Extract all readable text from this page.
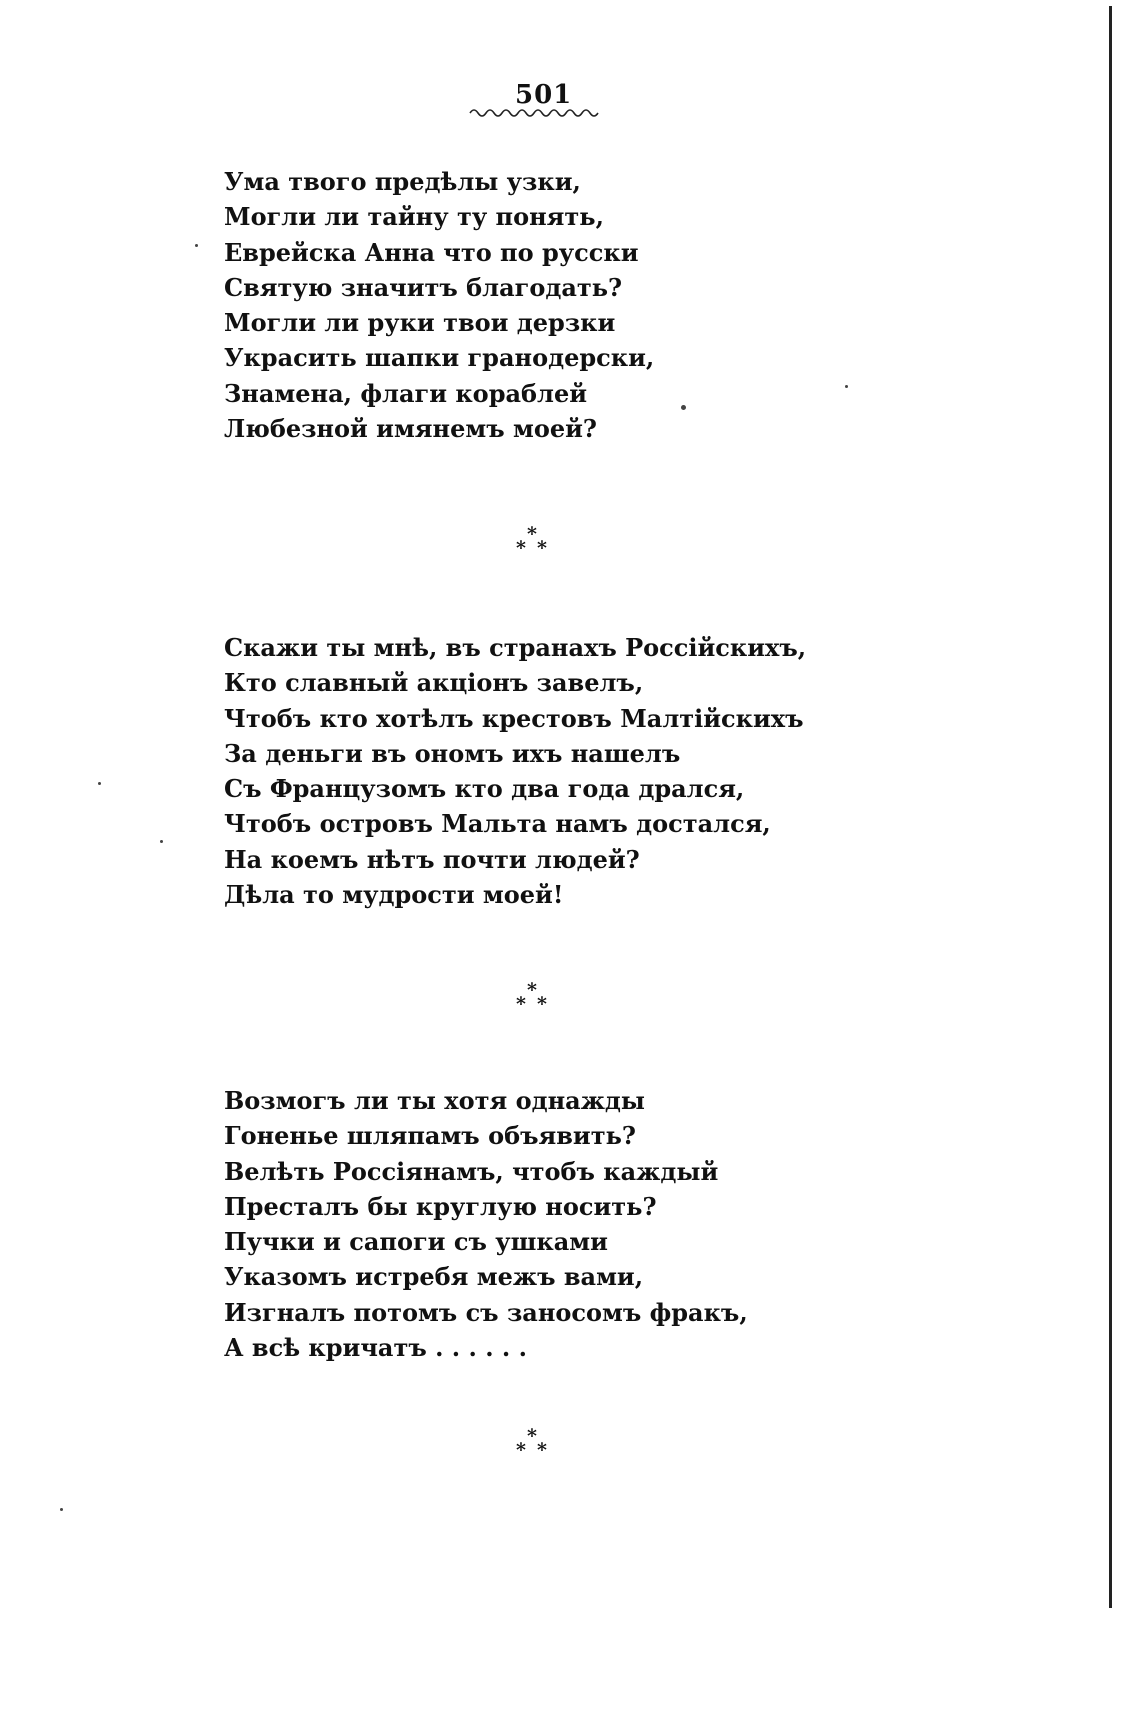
501
Ума твого предѣлы узки,
Могли ли тайну ту понять,
Еврейска Анна что по русски
Святую значитъ благодать?
Могли ли руки твои дерзки
Украсить шапки гранодерски,
Знамена, флаги кораблей
Любезной имянемъ моей?
*
* *
Скажи ты мнѣ, въ странахъ Россійскихъ,
Кто славный акціонъ завелъ,
Чтобъ кто хотѣлъ крестовъ Малтійскихъ
За деньги въ ономъ ихъ нашелъ
Съ Французомъ кто два года дрался,
Чтобъ островъ Мальта намъ достался,
На коемъ нѣтъ почти людей?
Дѣла то мудрости моей!
*
* *
Возмогъ ли ты хотя однажды
Гоненье шляпамъ объявить?
Велѣть Россіянамъ, чтобъ каждый
Престалъ бы круглую носить?
Пучки и сапоги съ ушками
Указомъ истребя межъ вами,
Изгналъ потомъ съ заносомъ фракъ,
А всѣ кричатъ . . . . . .
*
* *
